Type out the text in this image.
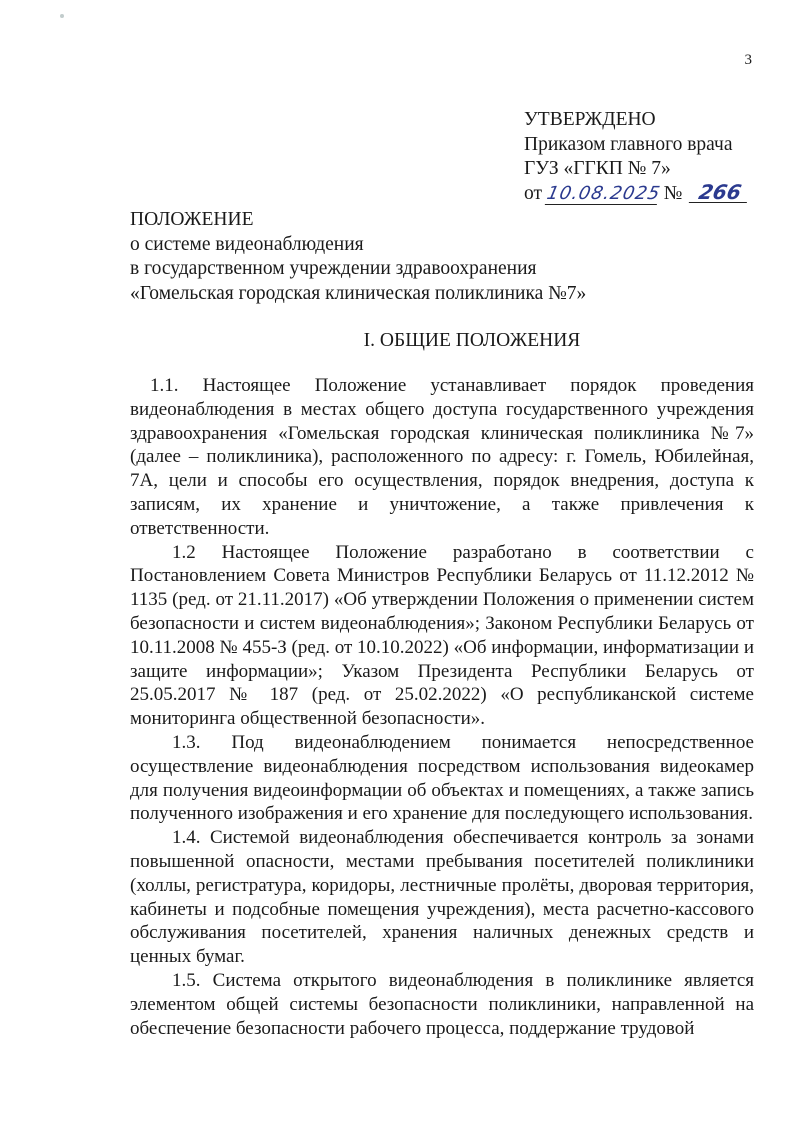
3
УТВЕРЖДЕНО
Приказом главного врача
ГУЗ «ГГКП № 7»
от 10.08.2025 № 266
ПОЛОЖЕНИЕ
о системе видеонаблюдения
в государственном учреждении здравоохранения
«Гомельская городская клиническая поликлиника №7»
I. ОБЩИЕ ПОЛОЖЕНИЯ

1.1. Настоящее Положение устанавливает порядок проведения видеонаблюдения в местах общего доступа государственного учреждения здравоохранения «Гомельская городская клиническая поликлиника №7» (далее – поликлиника), расположенного по адресу: г. Гомель, Юбилейная, 7А, цели и способы его осуществления, порядок внедрения, доступа к записям, их хранение и уничтожение, а также привлечения к ответственности.

1.2 Настоящее Положение разработано в соответствии с Постановлением Совета Министров Республики Беларусь от 11.12.2012 № 1135 (ред. от 21.11.2017) «Об утверждении Положения о применении систем безопасности и систем видеонаблюдения»; Законом Республики Беларусь от 10.11.2008 № 455-З (ред. от 10.10.2022) «Об информации, информатизации и защите информации»; Указом Президента Республики Беларусь от 25.05.2017 № 187 (ред. от 25.02.2022) «О республиканской системе мониторинга общественной безопасности».

1.3. Под видеонаблюдением понимается непосредственное осуществление видеонаблюдения посредством использования видеокамер для получения видеоинформации об объектах и помещениях, а также запись полученного изображения и его хранение для последующего использования.

1.4. Системой видеонаблюдения обеспечивается контроль за зонами повышенной опасности, местами пребывания посетителей поликлиники (холлы, регистратура, коридоры, лестничные пролёты, дворовая территория, кабинеты и подсобные помещения учреждения), места расчетно-кассового обслуживания посетителей, хранения наличных денежных средств и ценных бумаг.

1.5. Система открытого видеонаблюдения в поликлинике является элементом общей системы безопасности поликлиники, направленной на обеспечение безопасности рабочего процесса, поддержание трудовой
